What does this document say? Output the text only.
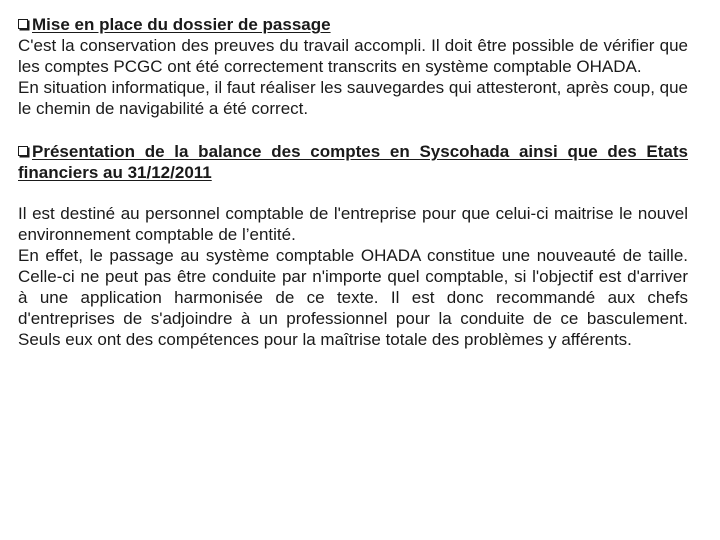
Mise en place du dossier de passage

C'est la conservation des preuves du travail accompli. Il doit être possible de vérifier que les comptes PCGC ont été correctement transcrits en système comptable OHADA.

En situation informatique, il faut réaliser les sauvegardes qui attesteront, après coup, que le chemin de navigabilité a été correct.

Présentation de la balance des comptes en Syscohada ainsi que des Etats financiers au 31/12/2011

Il est destiné au personnel comptable de l'entreprise pour que celui-ci maitrise le nouvel environnement comptable de l’entité.

En effet, le passage au système comptable OHADA constitue une nouveauté de taille. Celle-ci ne peut pas être conduite par n'importe quel comptable, si l'objectif est d'arriver à une application harmonisée de ce texte. Il est donc recommandé aux chefs d'entreprises de s'adjoindre à un professionnel pour la conduite de ce basculement. Seuls eux ont des compétences pour la maîtrise totale des problèmes y afférents.
